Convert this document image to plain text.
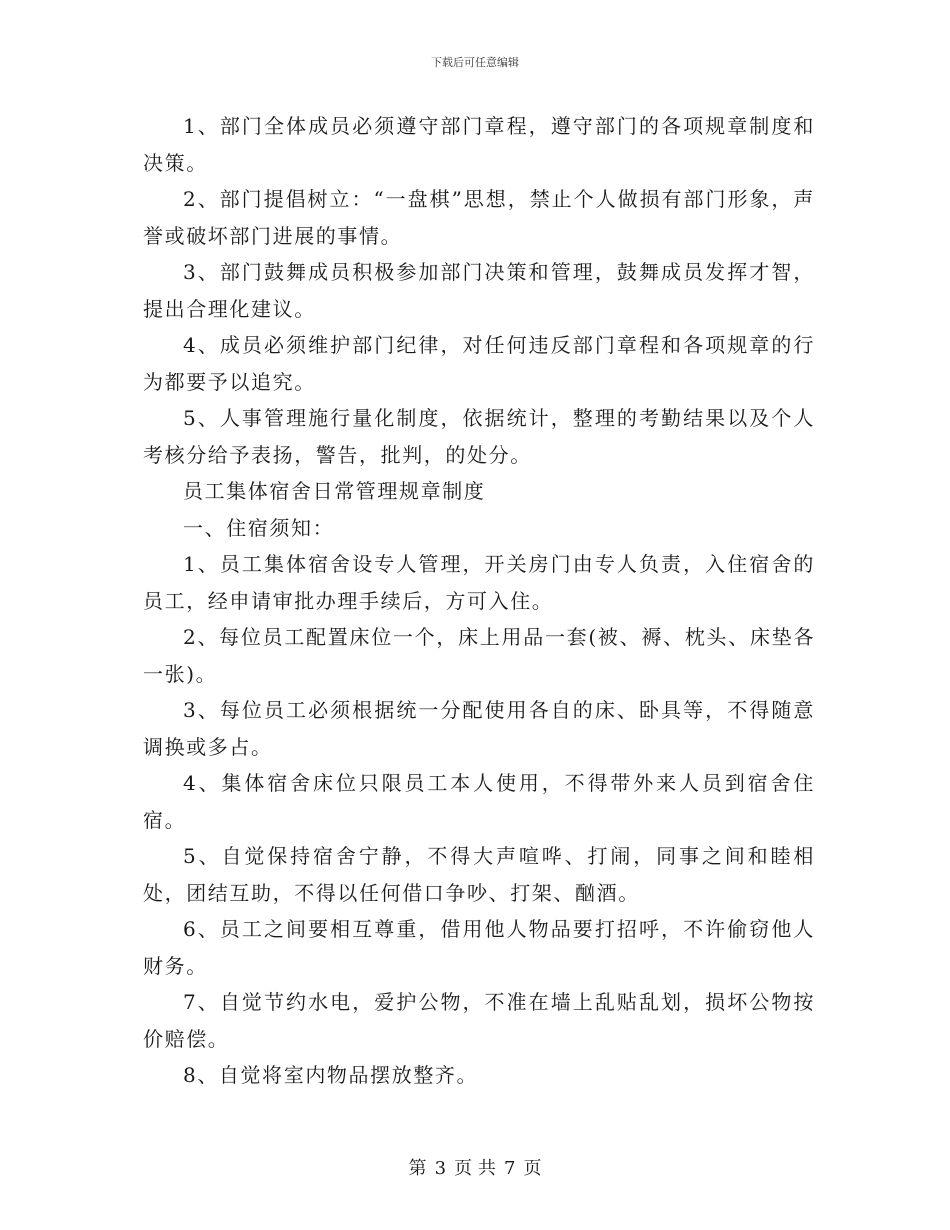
下载后可任意编辑

1、部门全体成员必须遵守部门章程，遵守部门的各项规章制度和决策。

2、部门提倡树立：“一盘棋”思想，禁止个人做损有部门形象，声誉或破坏部门进展的事情。

3、部门鼓舞成员积极参加部门决策和管理，鼓舞成员发挥才智，提出合理化建议。

4、成员必须维护部门纪律，对任何违反部门章程和各项规章的行为都要予以追究。

5、人事管理施行量化制度，依据统计，整理的考勤结果以及个人考核分给予表扬，警告，批判，的处分。

员工集体宿舍日常管理规章制度

一、住宿须知：

1、员工集体宿舍设专人管理，开关房门由专人负责，入住宿舍的员工，经申请审批办理手续后，方可入住。

2、每位员工配置床位一个，床上用品一套(被、褥、枕头、床垫各一张)。

3、每位员工必须根据统一分配使用各自的床、卧具等，不得随意调换或多占。

4、集体宿舍床位只限员工本人使用，不得带外来人员到宿舍住宿。

5、自觉保持宿舍宁静，不得大声喧哗、打闹，同事之间和睦相处，团结互助，不得以任何借口争吵、打架、酗酒。

6、员工之间要相互尊重，借用他人物品要打招呼，不许偷窃他人财务。

7、自觉节约水电，爱护公物，不准在墙上乱贴乱划，损坏公物按价赔偿。

8、自觉将室内物品摆放整齐。

第 3 页 共 7 页
